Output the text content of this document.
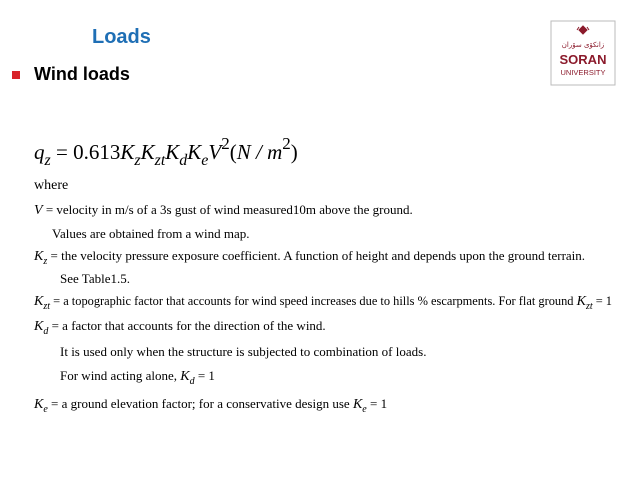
Loads
Wind loads
زانكۆی سۆران
SORAN
UNIVERSITY
$q_z = 0.613K_zK_{zt}K_dK_eV^2(N / m^2)$
where
V = velocity in m/s of a 3s gust of wind measured10m above the ground.
Values are obtained from a wind map.
$K_z$ = the velocity pressure exposure coefficient. A function of height and depends upon the ground terrain.
See Table1.5.
$K_{zt} = a$ topographic factor that accounts for wind speed increases due to hills % escarpments. For flat ground $K_{zt} = 1$
$K_d = a$ factor that accounts for the direction of the wind.
It is used only when the structure is subjected to combination of loads.
For wind acting alone, $K_d = 1$
$K_e = a$ ground elevation factor; for a conservative design use $K_e = 1$
